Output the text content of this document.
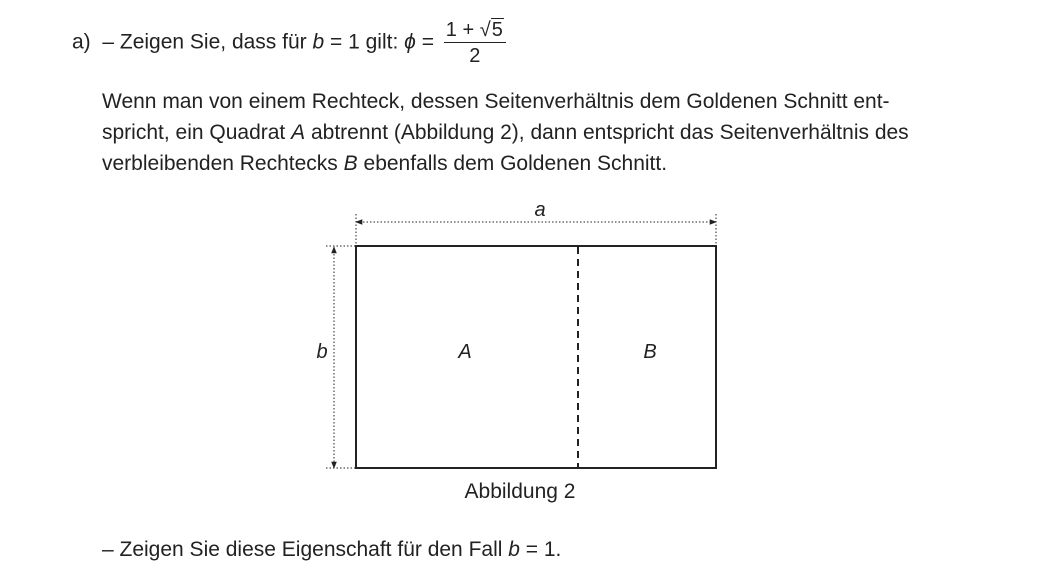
a) – Zeigen Sie, dass für b = 1 gilt: $\phi = \frac{1 + √5}{2}$
Wenn man von einem Rechteck, dessen Seitenverhältnis dem Goldenen Schnitt ent-
spricht, ein Quadrat A abtrennt (Abbildung 2), dann entspricht das Seitenverhältnis des
verbleibenden Rechtecks B ebenfalls dem Goldenen Schnitt.
a
b	A	B
Abbildung 2
– Zeigen Sie diese Eigenschaft für den Fall b = 1.
